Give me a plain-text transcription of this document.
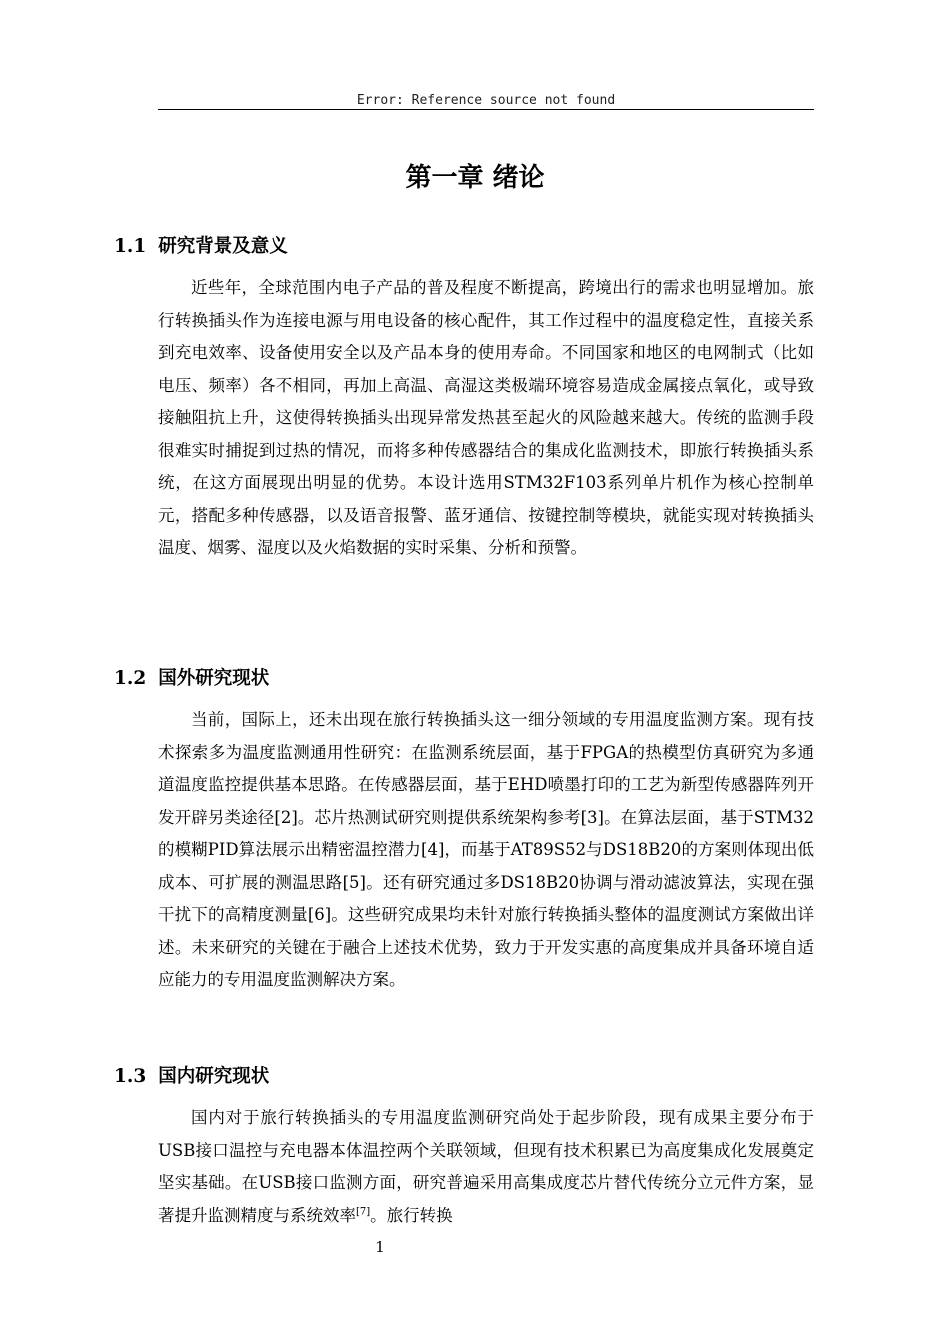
Error: Reference source not found
第一章 绪论
1.1 研究背景及意义

近些年，全球范围内电子产品的普及程度不断提高，跨境出行的需求也明显增加。旅行转换插头作为连接电源与用电设备的核心配件，其工作过程中的温度稳定性，直接关系到充电效率、设备使用安全以及产品本身的使用寿命。不同国家和地区的电网制式（比如电压、频率）各不相同，再加上高温、高湿这类极端环境容易造成金属接点氧化，或导致接触阻抗上升，这使得转换插头出现异常发热甚至起火的风险越来越大。传统的监测手段很难实时捕捉到过热的情况，而将多种传感器结合的集成化监测技术，即旅行转换插头系统，在这方面展现出明显的优势。本设计选用STM32F103系列单片机作为核心控制单元，搭配多种传感器，以及语音报警、蓝牙通信、按键控制等模块，就能实现对转换插头温度、烟雾、湿度以及火焰数据的实时采集、分析和预警。

1.2 国外研究现状

当前，国际上，还未出现在旅行转换插头这一细分领域的专用温度监测方案。现有技术探索多为温度监测通用性研究：在监测系统层面，基于FPGA的热模型仿真研究为多通道温度监控提供基本思路。在传感器层面，基于EHD喷墨打印的工艺为新型传感器阵列开发开辟另类途径[2]。芯片热测试研究则提供系统架构参考[3]。在算法层面，基于STM32的模糊PID算法展示出精密温控潜力[4]，而基于AT89S52与DS18B20的方案则体现出低成本、可扩展的测温思路[5]。还有研究通过多DS18B20协调与滑动滤波算法，实现在强干扰下的高精度测量[6]。这些研究成果均未针对旅行转换插头整体的温度测试方案做出详述。未来研究的关键在于融合上述技术优势，致力于开发实惠的高度集成并具备环境自适应能力的专用温度监测解决方案。

1.3 国内研究现状

国内对于旅行转换插头的专用温度监测研究尚处于起步阶段，现有成果主要分布于USB接口温控与充电器本体温控两个关联领域，但现有技术积累已为高度集成化发展奠定坚实基础。在USB接口监测方面，研究普遍采用高集成度芯片替代传统分立元件方案，显著提升监测精度与系统效率[7]。旅行转换

1
